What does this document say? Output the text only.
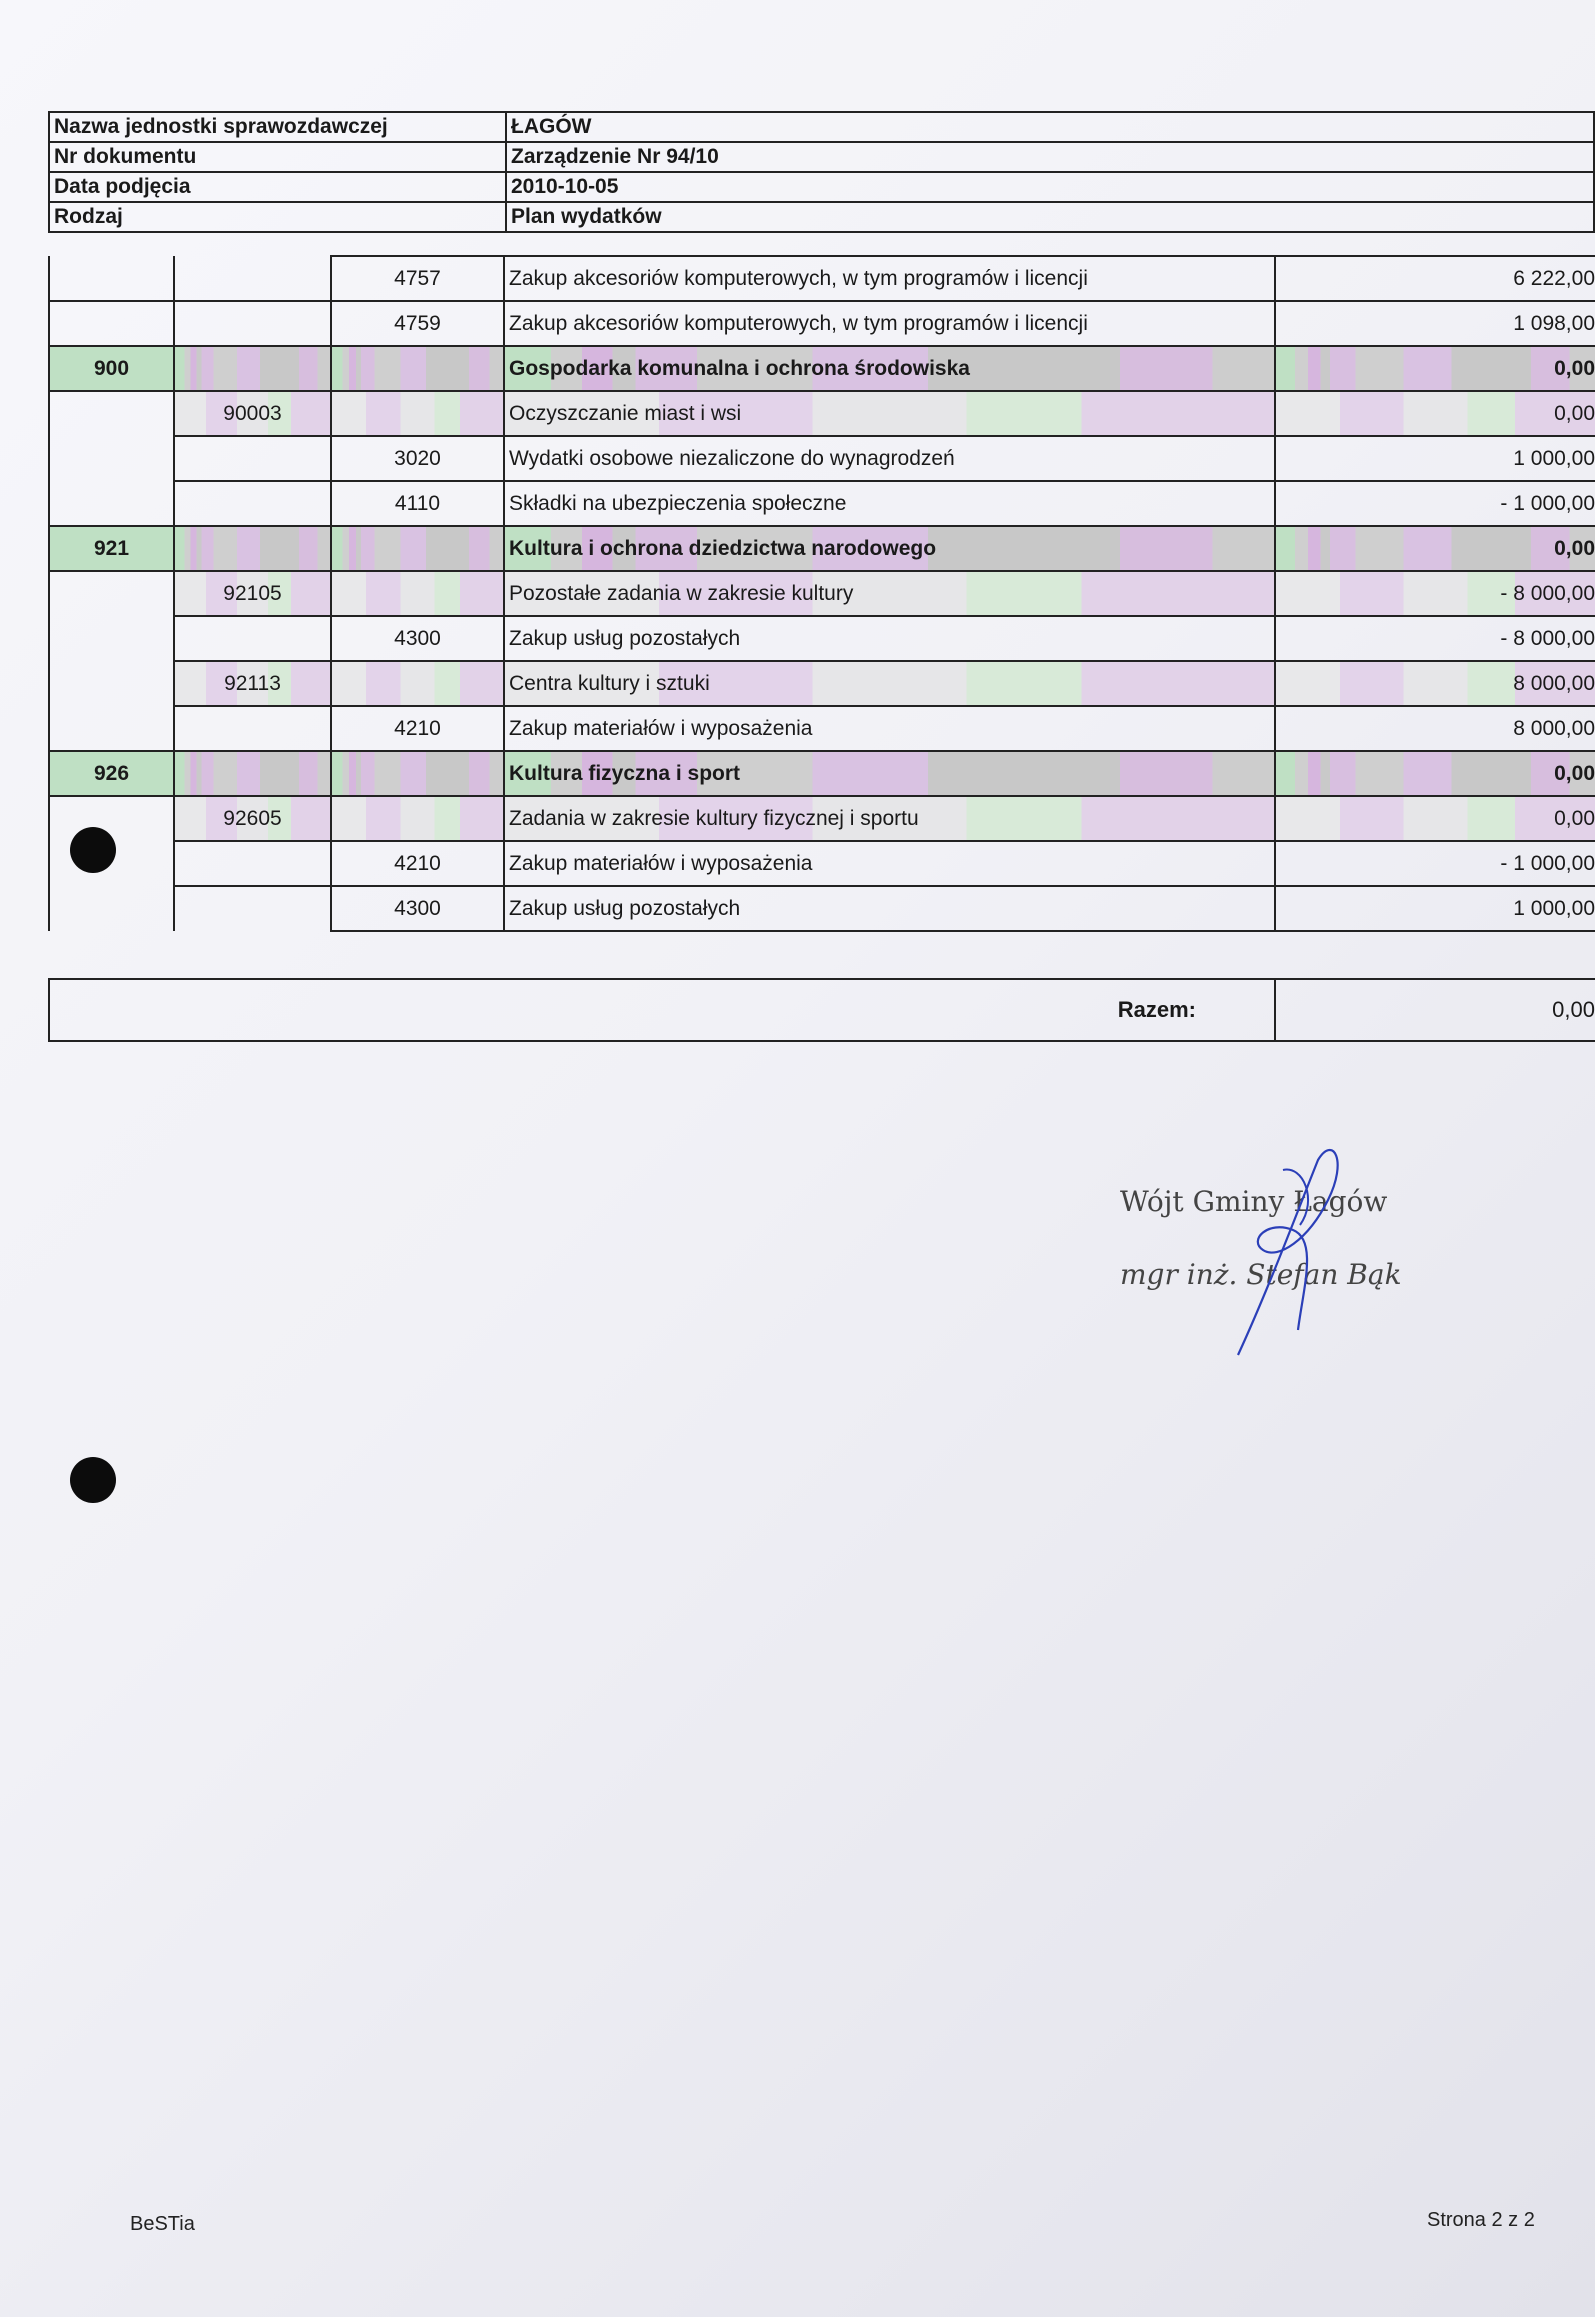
Nazwa jednostki sprawozdawczej	ŁAGÓW
Nr dokumentu	Zarządzenie Nr 94/10
Data podjęcia	2010-10-05
Rodzaj	Plan wydatków
		4757	Zakup akcesoriów komputerowych, w tym programów i licencji	6 222,00
		4759	Zakup akcesoriów komputerowych, w tym programów i licencji	1 098,00
900			Gospodarka komunalna i ochrona środowiska	0,00
	90003		Oczyszczanie miast i wsi	0,00
		3020	Wydatki osobowe niezaliczone do wynagrodzeń	1 000,00
		4110	Składki na ubezpieczenia społeczne	- 1 000,00
921			Kultura i ochrona dziedzictwa narodowego	0,00
	92105		Pozostałe zadania w zakresie kultury	- 8 000,00
		4300	Zakup usług pozostałych	- 8 000,00
	92113		Centra kultury i sztuki	8 000,00
		4210	Zakup materiałów i wyposażenia	8 000,00
926			Kultura fizyczna i sport	0,00
	92605		Zadania w zakresie kultury fizycznej i sportu	0,00
		4210	Zakup materiałów i wyposażenia	- 1 000,00
		4300	Zakup usług pozostałych	1 000,00
Razem:	0,00
Wójt Gminy Łagów
mgr inż. Stefan Bąk
BeSTia	Strona 2 z 2
